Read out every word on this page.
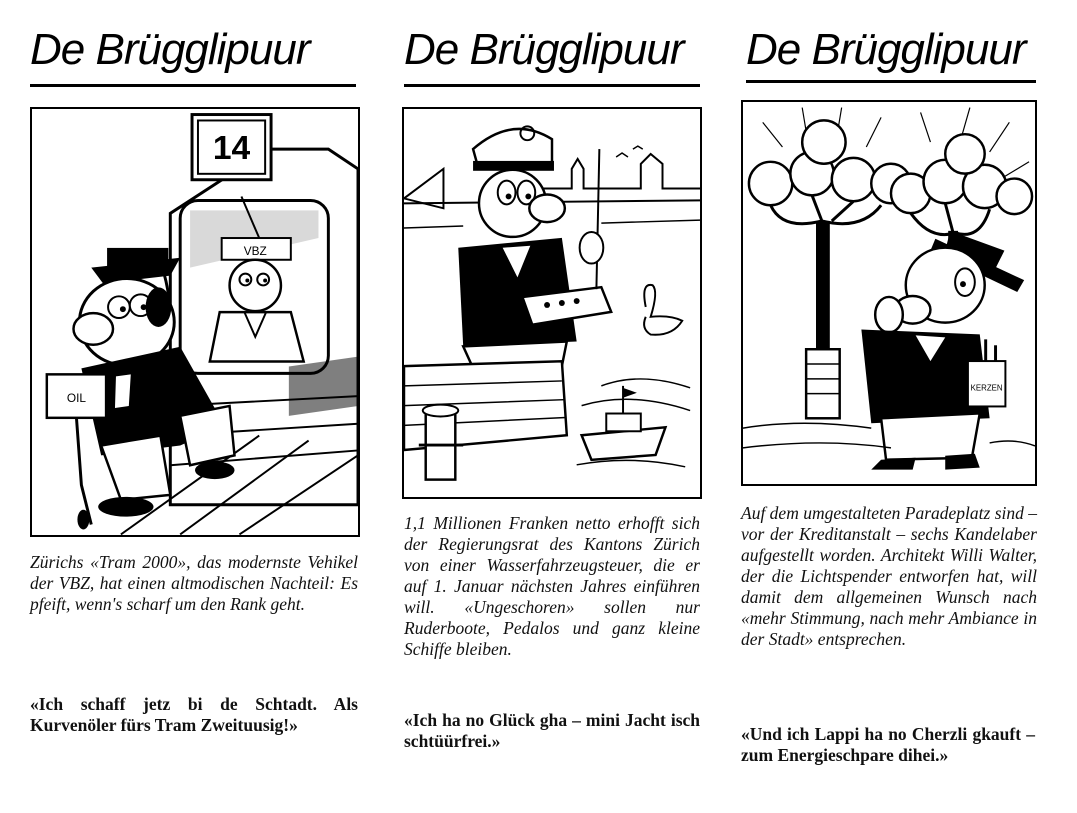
De Brügglipuur
14
VBZ
OIL

Zürichs «Tram 2000», das modernste Vehikel der VBZ, hat einen altmodischen Nachteil: Es pfeift, wenn's scharf um den Rank geht.

«Ich schaff jetz bi de Schtadt. Als Kurvenöler fürs Tram Zweituusig!»

De Brügglipuur

1,1 Millionen Franken netto erhofft sich der Regierungsrat des Kantons Zürich von einer Wasserfahrzeugsteuer, die er auf 1. Januar nächsten Jahres einführen will. «Ungeschoren» sollen nur Ruderboote, Pedalos und ganz kleine Schiffe bleiben.

«Ich ha no Glück gha – mini Jacht isch schtüürfrei.»

De Brügglipuur
KERZEN

Auf dem umgestalteten Paradeplatz sind – vor der Kreditanstalt – sechs Kandelaber aufgestellt worden. Architekt Willi Walter, der die Lichtspender entworfen hat, will damit dem allgemeinen Wunsch nach «mehr Stimmung, nach mehr Ambiance in der Stadt» entsprechen.

«Und ich Lappi ha no Cherzli gkauft – zum Energieschpare dihei.»
